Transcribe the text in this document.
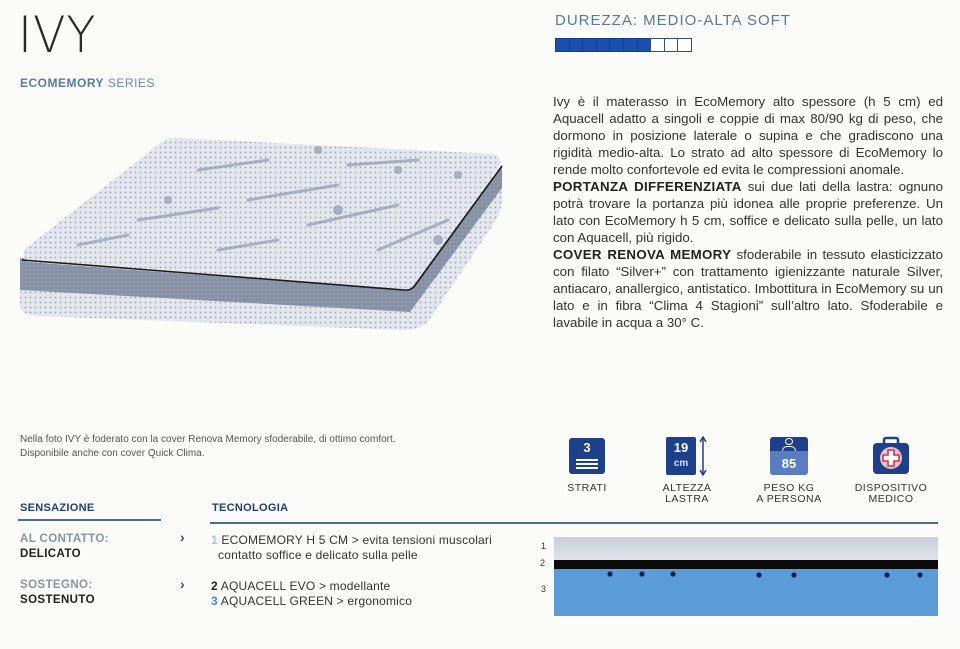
IVY
ECOMEMORY SERIES
DUREZZA: MEDIO-ALTA SOFT

Ivy è il materasso in EcoMemory alto spessore (h 5 cm) ed Aquacell adatto a singoli e coppie di max 80/90 kg di peso, che dormono in posizione laterale o supina e che gradiscono una rigidità medio-alta. Lo strato ad alto spessore di EcoMemory lo rende molto confortevole ed evita le compressioni anomale.

PORTANZA DIFFERENZIATA sui due lati della lastra: ognuno potrà trovare la portanza più idonea alle proprie preferenze. Un lato con EcoMemory h 5 cm, soffice e delicato sulla pelle, un lato con Aquacell, più rigido.

COVER RENOVA MEMORY sfoderabile in tessuto elasticizzato con filato “Silver+” con trattamento igienizzante naturale Silver, antiacaro, anallergico, antistatico. Imbottitura in EcoMemory su un lato e in fibra “Clima 4 Stagioni” sull’altro lato. Sfoderabile e lavabile in acqua a 30° C.

Nella foto IVY è foderato con la cover Renova Memory sfoderabile, di ottimo comfort.
Disponibile anche con cover Quick Clima.	3
STRATI
19
cm
ALTEZZA
LASTRA
85
PESO KG
A PERSONA
DISPOSITIVO
MEDICO
SENSAZIONE	TECNOLOGIA
AL CONTATTO:
DELICATO
SOSTEGNO:
SOSTENUTO
›
›
1 ECOMEMORY H 5 CM > evita tensioni muscolari
contatto soffice e delicato sulla pelle
2 AQUACELL EVO > modellante
3 AQUACELL GREEN > ergonomico
1
2
3
